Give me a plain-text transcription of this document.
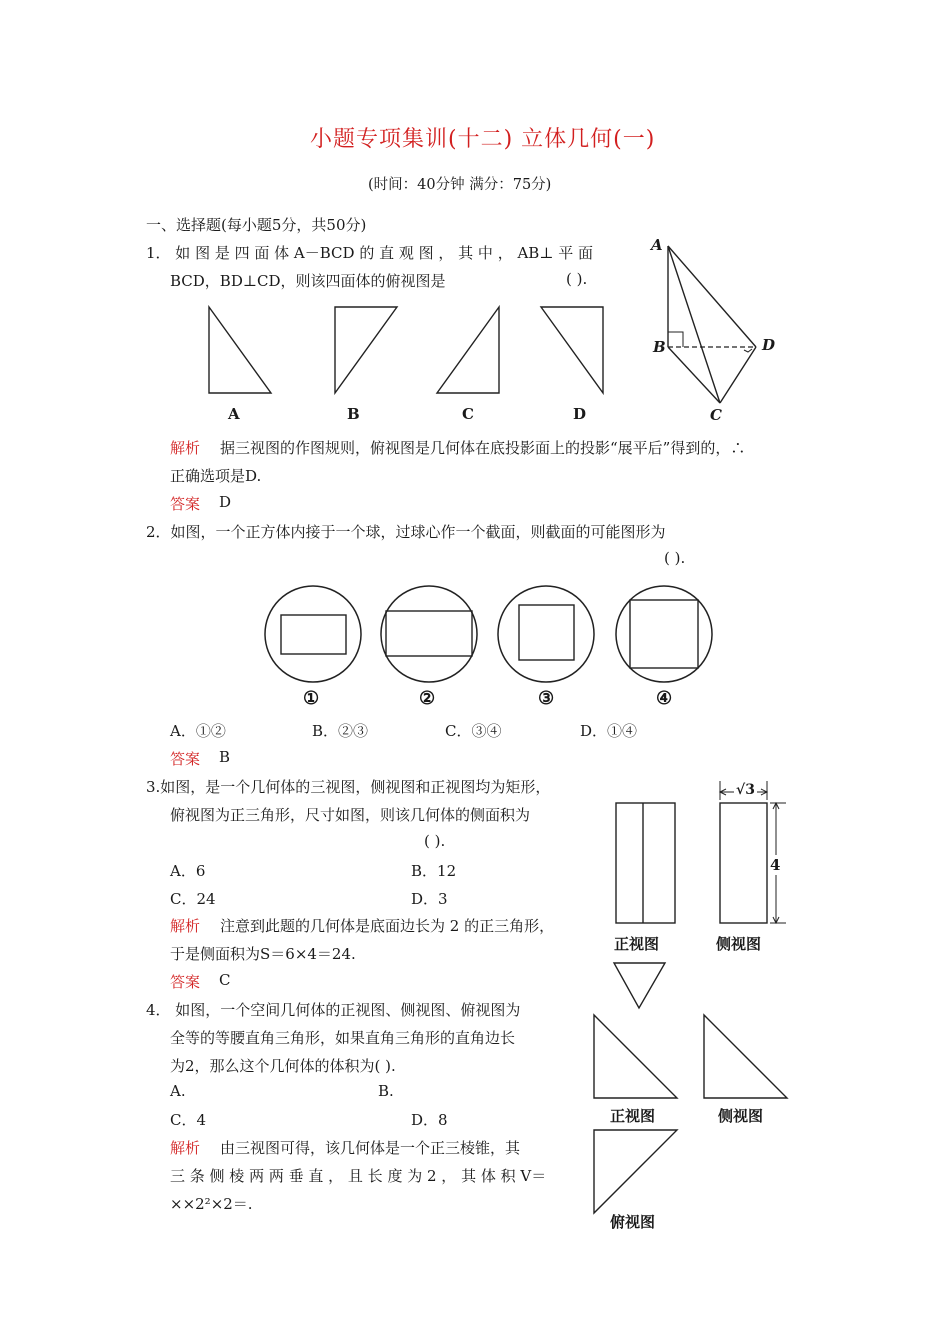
小题专项集训(十二) 立体几何(一)
(时间：40分钟 满分：75分)
一、选择题(每小题5分，共50分)
1． 如 图 是 四 面 体 A－BCD 的 直 观 图 ， 其 中 ， AB⊥ 平 面
BCD，BD⊥CD，则该四面体的俯视图是	( ).
A	B	C	D
A
B
C
D
解析 据三视图的作图规则，俯视图是几何体在底投影面上的投影“展平后”得到的，∴
正确选项是D.
答案 D
2．如图，一个正方体内接于一个球，过球心作一个截面，则截面的可能图形为
( ).
①	②	③	④
A．①②	B．②③	C．③④	D．①④
答案 B
3.如图，是一个几何体的三视图，侧视图和正视图均为矩形，
俯视图为正三角形，尺寸如图，则该几何体的侧面积为
( ).
A．6	B．12
C．24	D．3
解析 注意到此题的几何体是底面边长为 2 的正三角形，
于是侧面积为S＝6×4＝24.
答案 C
√3
4
正视图	侧视图
4． 如图，一个空间几何体的正视图、侧视图、俯视图为
全等的等腰直角三角形，如果直角三角形的直角边长
为2，那么这个几何体的体积为( ).
A.	B.
C．4	D．8
解析 由三视图可得，该几何体是一个正三棱锥，其
三 条 侧 棱 两 两 垂 直 ， 且 长 度 为 2 ， 其 体 积 V＝
××2²×2＝.
正视图	侧视图
俯视图
